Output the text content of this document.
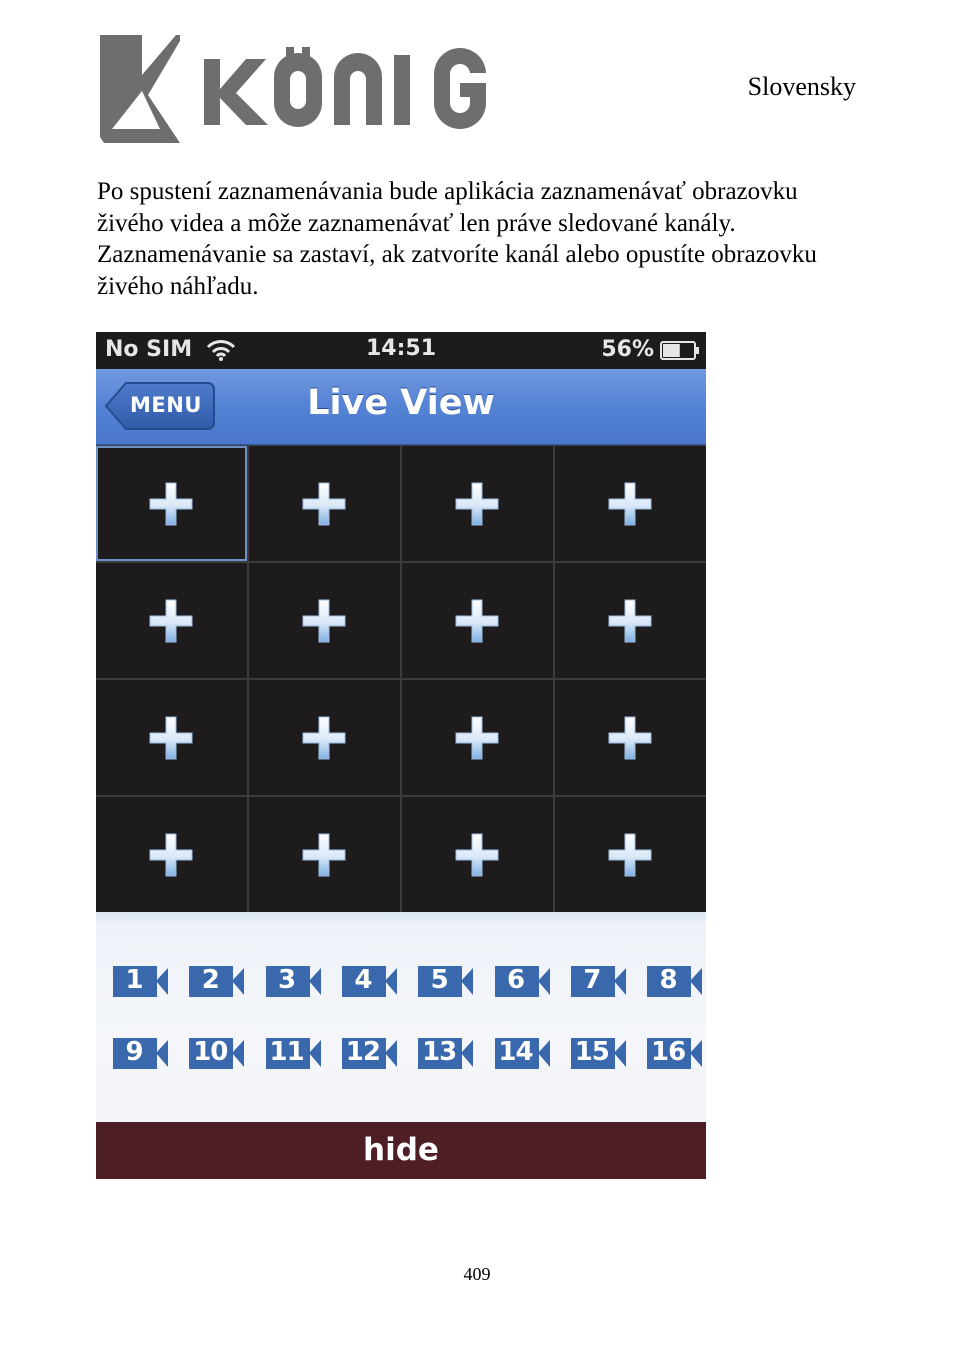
KÖNIG
Slovensky

Po spustení zaznamenávania bude aplikácia zaznamenávať obrazovku živého videa a môže zaznamenávať len práve sledované kanály. Zaznamenávanie sa zastaví, ak zatvoríte kanál alebo opustíte obrazovku živého náhľadu.

No SIM	14:51	56%
MENU	Live View
1	2	3	4	5	6	7	8
9	10 11 12 13 14 15 16
hide
409
